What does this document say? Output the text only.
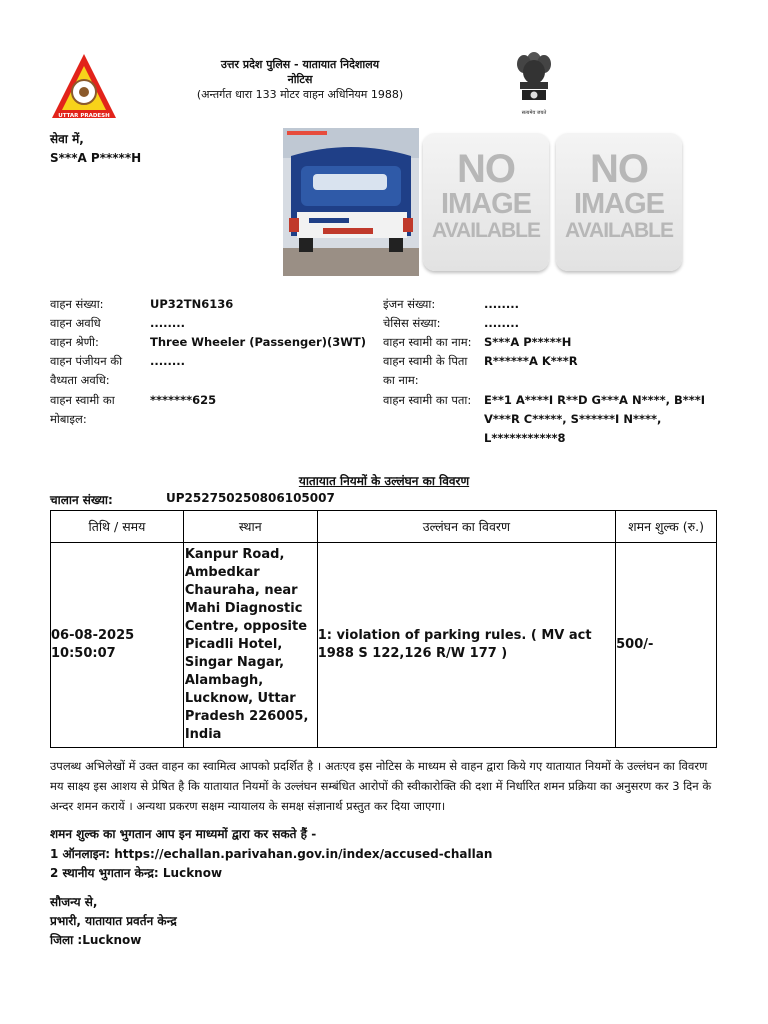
UTTAR PRADESH
उत्तर प्रदेश पुलिस - यातायात निदेशालय
नोटिस
(अन्तर्गत धारा 133 मोटर वाहन अधिनियम 1988)
सत्यमेव जयते
सेवा में,
S***A P*****H	NO
IMAGE
AVAILABLE
NO
IMAGE
AVAILABLE
वाहन संख्या:	UP32TN6136
वाहन अवधि	........
वाहन श्रेणी:	Three Wheeler (Passenger)(3WT)
वाहन पंजीयन की
वैध्यता अवधि:
........
वाहन स्वामी का
मोबाइल:
*******625
इंजन संख्या:	........
चेसिस संख्या:	........
वाहन स्वामी का नाम: S***A P*****H
वाहन स्वामी के पिता
का नाम:
R******A K***R
वाहन स्वामी का पता: E**1 A****I R**D G***A N****, B***I
V***R C*****, S******I N****,
L***********8
यातायात नियमों के उल्लंघन का विवरण
चालान संख्या:	UP252750250806105007
तिथि / समय	स्थान	उल्लंघन का विवरण	शमन शुल्क (रु.)

06-08-2025
10:50:07	Kanpur Road, Ambedkar Chauraha, near Mahi Diagnostic Centre, opposite Picadli Hotel, Singar Nagar, Alambagh, Lucknow, Uttar Pradesh 226005, India	1: violation of parking rules. ( MV act 1988 S 122,126 R/W 177 )	500/-
उपलब्ध अभिलेखों में उक्त वाहन का स्वामित्व आपको प्रदर्शित है । अतःएव इस नोटिस के माध्यम से वाहन द्वारा किये गए यातायात नियमों के उल्लंघन का विवरण मय साक्ष्य इस आशय से प्रेषित है कि यातायात नियमों के उल्लंघन सम्बंधित आरोपों की स्वीकारोक्ति की दशा में निर्धारित शमन प्रक्रिया का अनुसरण कर 3 दिन के अन्दर शमन करायें । अन्यथा प्रकरण सक्षम न्यायालय के समक्ष संज्ञानार्थ प्रस्तुत कर दिया जाएगा।
शमन शुल्क का भुगतान आप इन माध्यमों द्वारा कर सकते हैं -
1 ऑनलाइन: https://echallan.parivahan.gov.in/index/accused-challan
2 स्थानीय भुगतान केन्द्र: Lucknow
सौजन्य से,
प्रभारी, यातायात प्रवर्तन केन्द्र
जिला :Lucknow
